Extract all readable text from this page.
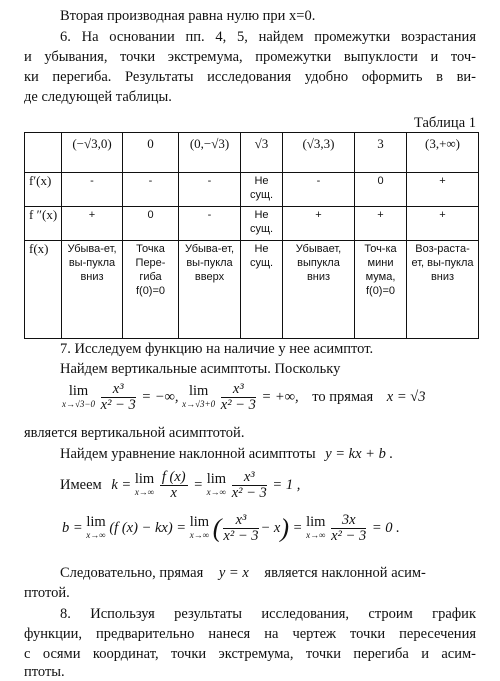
Вторая производная равна нулю при x=0.
6. На основании пп. 4, 5, найдем промежутки возрастания
и убывания, точки экстремума, промежутки выпуклости и точ-
ки перегиба. Результаты исследования удобно оформить в ви-
де следующей таблицы.
Таблица 1
	(−√3,0)	0	(0,−√3)	√3	(√3,3)	3	(3,+∞)
f′(x)	-	-	-	Не сущ.	-	0	+
f ″(x)	+	0	-	Не сущ.	+	+	+
f(x)	Убыва-ет, вы-пукла вниз	Точка Пере-гиба f(0)=0	Убыва-ет, вы-пукла вверх	Не сущ.	Убывает, выпукла вниз	Точ-ка мини мума, f(0)=0	Воз-раста-ет, вы-пукла вниз
7. Исследуем функцию на наличие у нее асимптот.
Найдем вертикальные асимптоты. Поскольку
lim
$x\to√3-0 \frac{\text{x³}}{\text{x² − 3}}$ = −∞, lim
$x\to√3+0 \frac{\text{x³}}{\text{x² − 3}}$ = +∞, то прямая x = √3
является вертикальной асимптотой.
Найдем уравнение наклонной асимптоты y = kx + b .
Имеем k = lim
$x\to\infty \frac{f (x)}{x} = \lim$
$x\to\infty \frac{\text{x³}}{\text{x² − 3}} = 1$ ,
b = lim
x→∞ (f (x) − kx) = lim
x→∞ ( $\frac{\text{x³}}{\text{x² − 3}} - x) = \lim$
$x\to\infty \frac{3x}{\text{x² − 3}} = 0$ .
Следовательно, прямая y = x является наклонной асим-
птотой.
8. Используя результаты исследования, строим график
функции, предварительно нанеся на чертеж точки пересечения
с осями координат, точки экстремума, точки перегиба и асим-
птоты.
